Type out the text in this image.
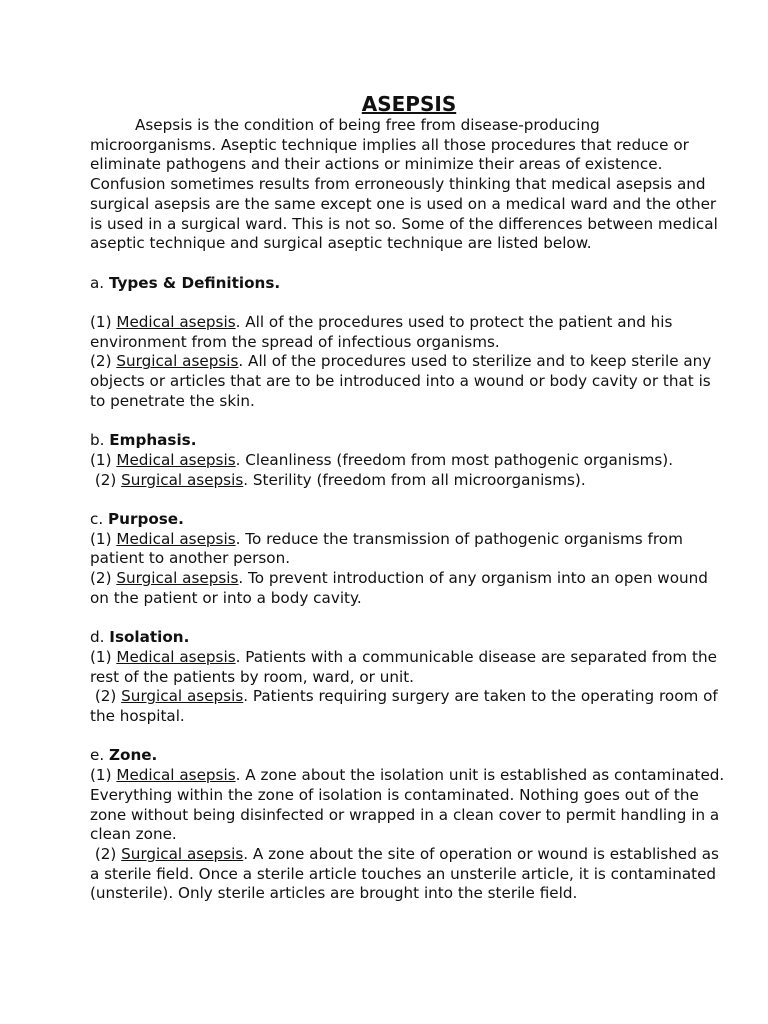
ASEPSIS

Asepsis is the condition of being free from disease-producing microorganisms. Aseptic technique implies all those procedures that reduce or eliminate pathogens and their actions or minimize their areas of existence. Confusion sometimes results from erroneously thinking that medical asepsis and surgical asepsis are the same except one is used on a medical ward and the other is used in a surgical ward. This is not so. Some of the differences between medical aseptic technique and surgical aseptic technique are listed below.

a. Types & Definitions.

(1) Medical asepsis. All of the procedures used to protect the patient and his environment from the spread of infectious organisms.

(2) Surgical asepsis. All of the procedures used to sterilize and to keep sterile any objects or articles that are to be introduced into a wound or body cavity or that is to penetrate the skin.

b. Emphasis.

(1) Medical asepsis. Cleanliness (freedom from most pathogenic organisms).

(2) Surgical asepsis. Sterility (freedom from all microorganisms).

c. Purpose.

(1) Medical asepsis. To reduce the transmission of pathogenic organisms from patient to another person.

(2) Surgical asepsis. To prevent introduction of any organism into an open wound on the patient or into a body cavity.

d. Isolation.

(1) Medical asepsis. Patients with a communicable disease are separated from the rest of the patients by room, ward, or unit.

(2) Surgical asepsis. Patients requiring surgery are taken to the operating room of the hospital.

e. Zone.

(1) Medical asepsis. A zone about the isolation unit is established as contaminated. Everything within the zone of isolation is contaminated. Nothing goes out of the zone without being disinfected or wrapped in a clean cover to permit handling in a clean zone.

(2) Surgical asepsis. A zone about the site of operation or wound is established as a sterile field. Once a sterile article touches an unsterile article, it is contaminated (unsterile). Only sterile articles are brought into the sterile field.
